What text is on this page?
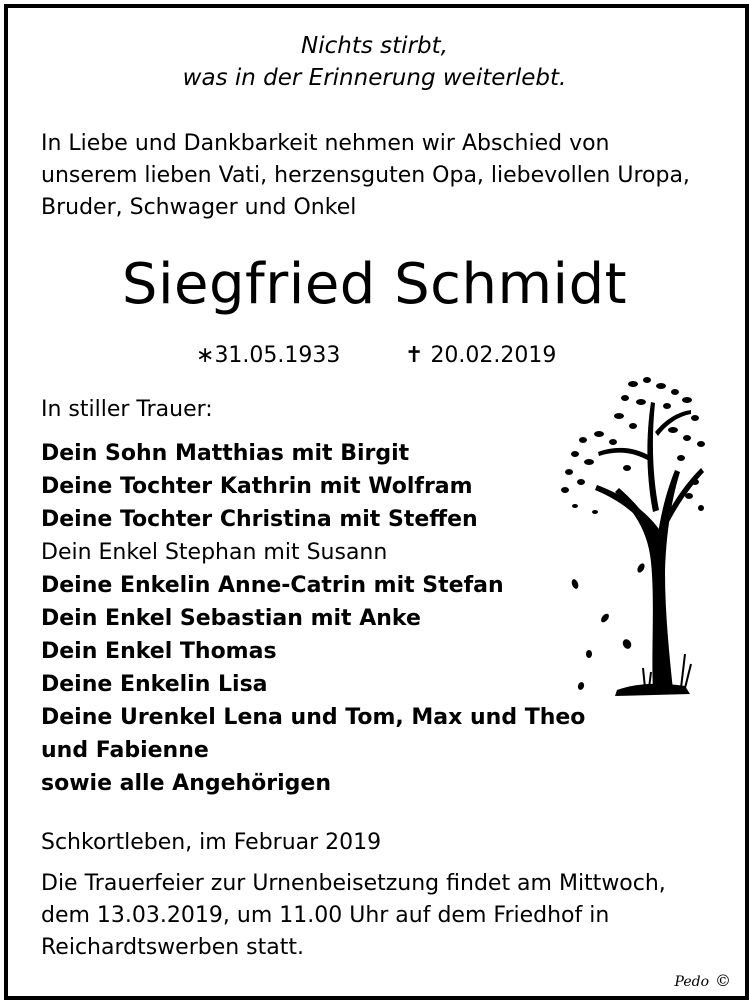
Nichts stirbt,
was in der Erinnerung weiterlebt.
In Liebe und Dankbarkeit nehmen wir Abschied von
unserem lieben Vati, herzensguten Opa, liebevollen Uropa,
Bruder, Schwager und Onkel
Siegfried Schmidt
∗31.05.1933	✝ 20.02.2019
In stiller Trauer:
Dein Sohn Matthias mit Birgit
Deine Tochter Kathrin mit Wolfram
Deine Tochter Christina mit Steffen
Dein Enkel Stephan mit Susann
Deine Enkelin Anne-Catrin mit Stefan
Dein Enkel Sebastian mit Anke
Dein Enkel Thomas
Deine Enkelin Lisa
Deine Urenkel Lena und Tom, Max und Theo
und Fabienne
sowie alle Angehörigen
Schkortleben, im Februar 2019
Die Trauerfeier zur Urnenbeisetzung findet am Mittwoch,
dem 13.03.2019, um 11.00 Uhr auf dem Friedhof in
Reichardtswerben statt.
Pedo ©
